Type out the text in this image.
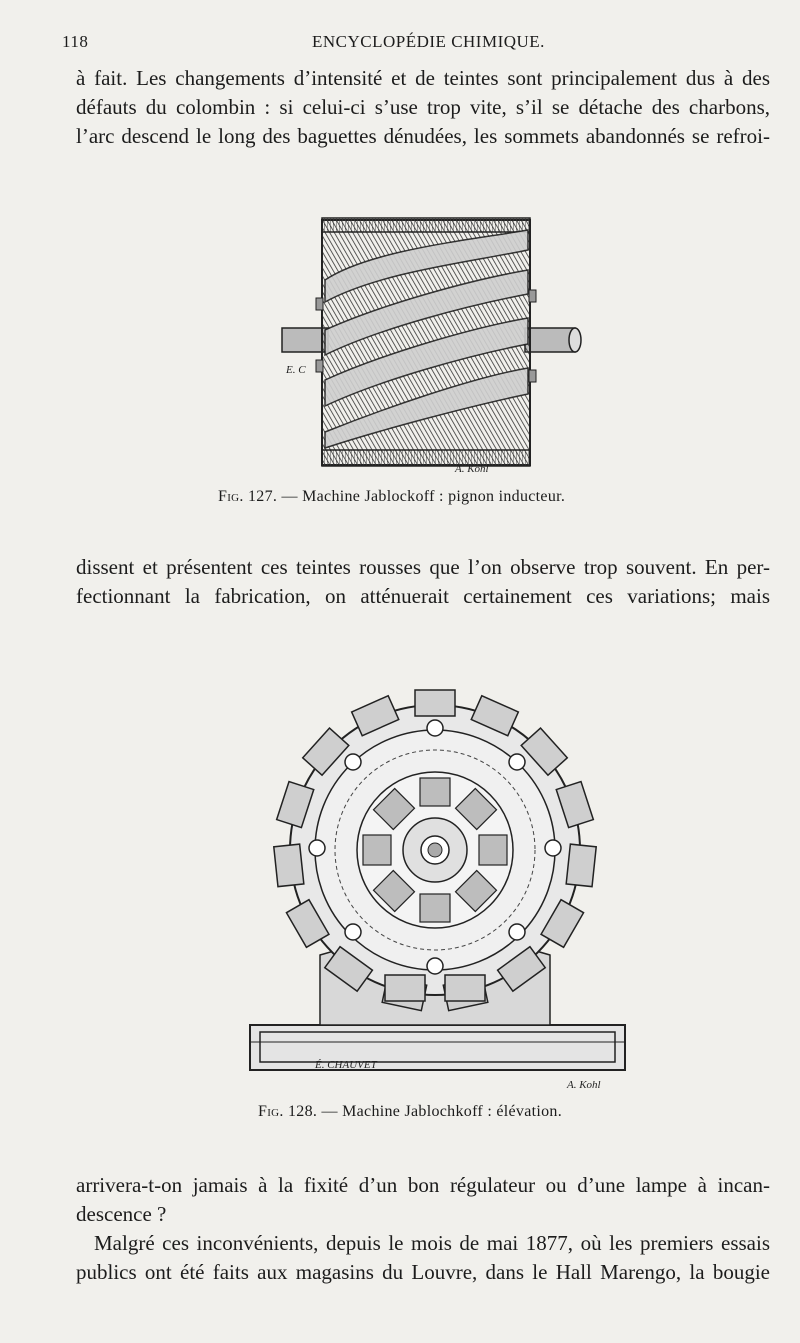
118	ENCYCLOPÉDIE CHIMIQUE.
à fait. Les changements d’intensité et de teintes sont principalement dus à des
défauts du colombin : si celui-ci s’use trop vite, s’il se détache des charbons,
l’arc descend le long des baguettes dénudées, les sommets abandonnés se refroi-
E. C
A. Kohl
Fig. 127. — Machine Jablockoff : pignon inducteur.
dissent et présentent ces teintes rousses que l’on observe trop souvent. En per-
fectionnant la fabrication, on atténuerait certainement ces variations; mais
É. CHAUVET
A. Kohl
Fig. 128. — Machine Jablochkoff : élévation.
arrivera-t-on jamais à la fixité d’un bon régulateur ou d’une lampe à incan-
descence ?
Malgré ces inconvénients, depuis le mois de mai 1877, où les premiers essais
publics ont été faits aux magasins du Louvre, dans le Hall Marengo, la bougie
